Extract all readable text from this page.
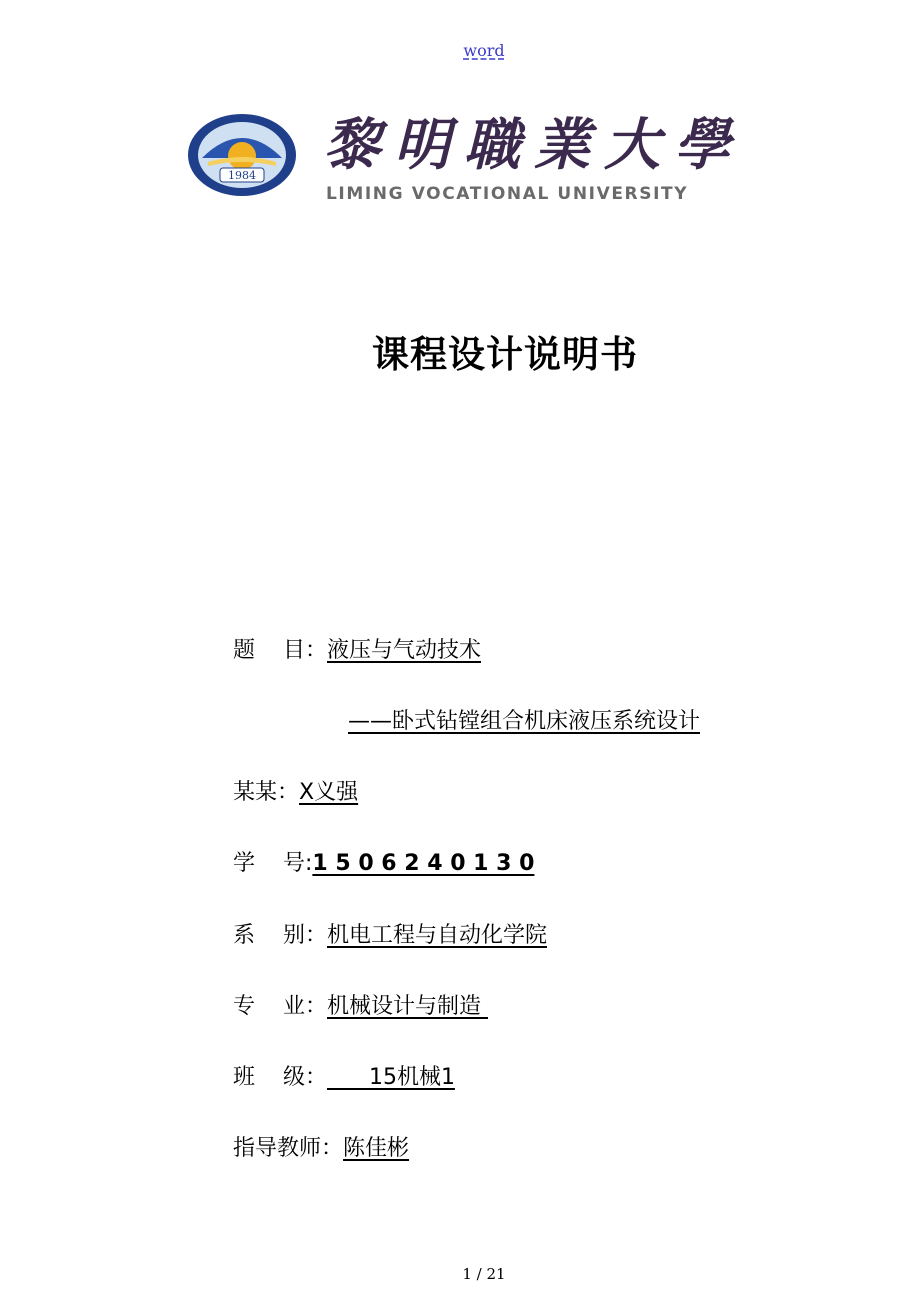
word
1984 黎明職業大學
LIMING VOCATIONAL UNIVERSITY
课程设计说明书
题    目：液压与气动技术
——卧式钻镗组合机床液压系统设计
某某：X义强
学    号:1 5 0 6 2 4 0 1 3 0
系    别：机电工程与自动化学院
专    业：机械设计与制造
班    级：      15机械1
指导教师：陈佳彬
1 / 21
